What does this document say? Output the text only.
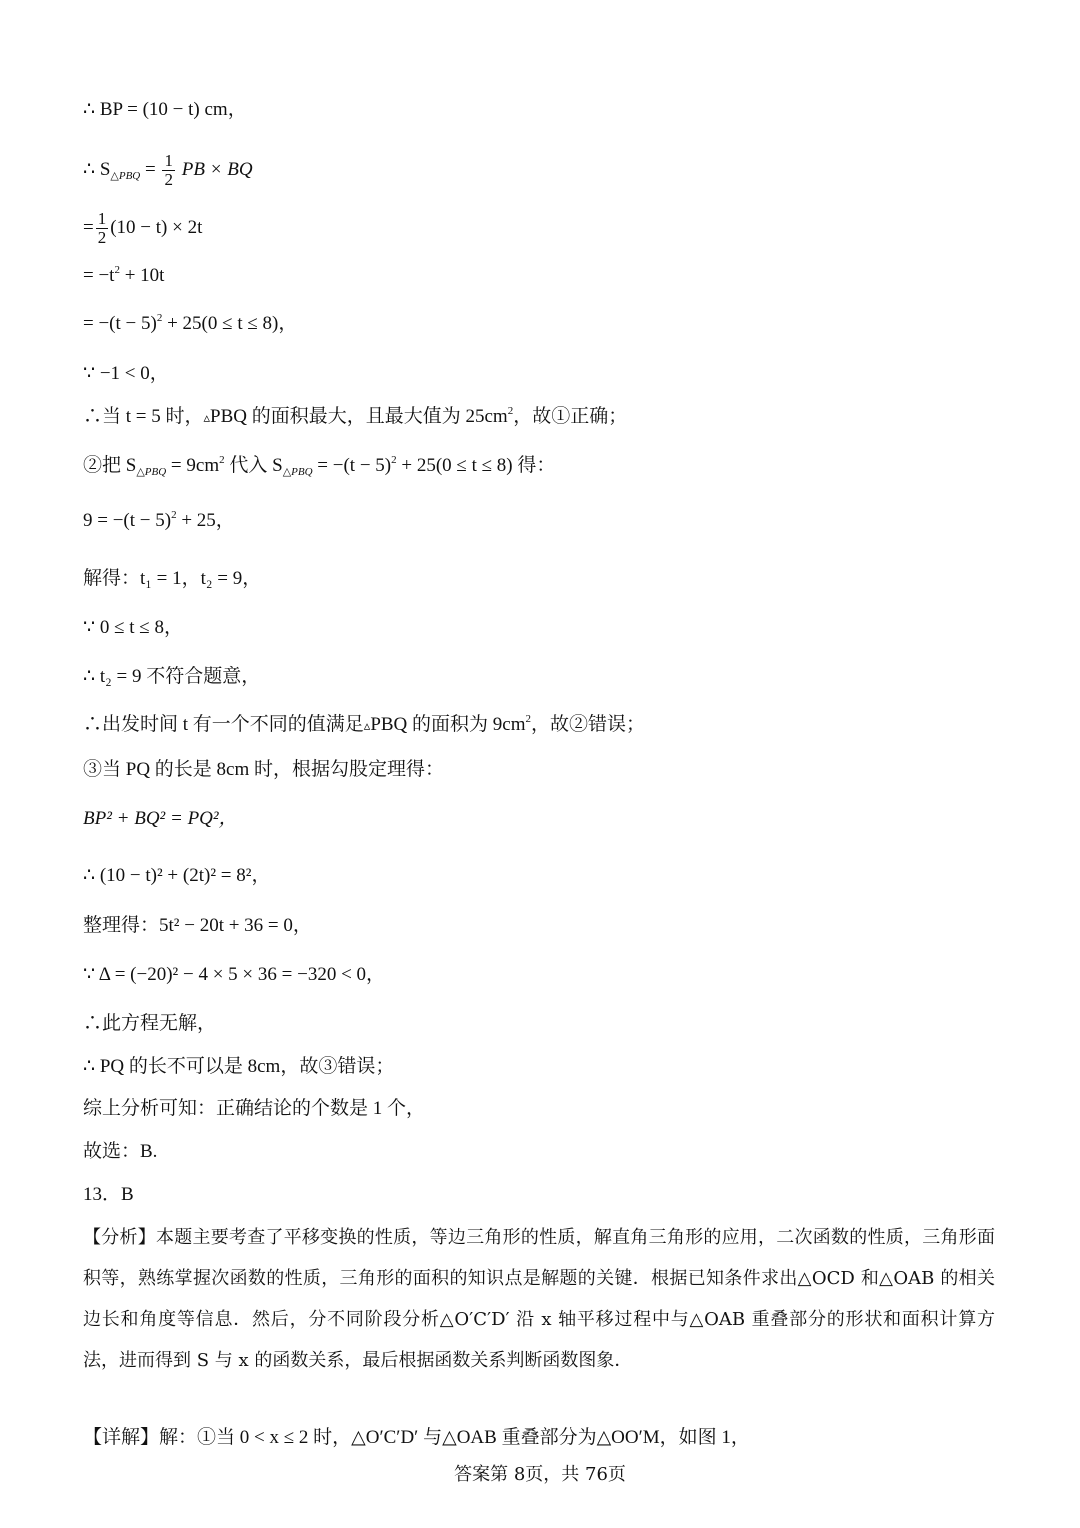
∴ BP = (10 − t) cm，
∴ $S_{\triangle PBQ} = \frac{1}{2}$ PB × BQ
= $\frac{1}{2} (10 - t) \times 2t$
= $-t^2 + 10t$
= $-(t - 5)^2 + 25(0 \le t \le 8)$，
∵ −1 < 0，
∴当 t = 5 时，▵PBQ 的面积最大，且最大值为 $25cm^2$，故①正确；
②把 $S_{\triangle PBQ} = 9cm^2$ 代入 $S_{\triangle PBQ} = -(t - 5)^2 + 25(0 \le t \le 8)$ 得：
$9 = -(t - 5)^2 + 25$，
解得：t₁ = 1，t₂ = 9，
∵ 0 ≤ t ≤ 8，
∴ t₂ = 9 不符合题意，
∴出发时间 t 有一个不同的值满足▵PBQ 的面积为 $9cm^2$，故②错误；
③当 PQ 的长是 8cm 时，根据勾股定理得：
BP² + BQ² = PQ²，
∴ (10 − t)² + (2t)² = 8²，
整理得：5t² − 20t + 36 = 0，
∵ Δ = (−20)² − 4 × 5 × 36 = −320 < 0，
∴此方程无解，
∴ PQ 的长不可以是 8cm，故③错误；
综上分析可知：正确结论的个数是 1 个，
故选：B.
13．B
【分析】本题主要考查了平移变换的性质，等边三角形的性质，解直角三角形的应用，二次函数的性质，三角形面积等，熟练掌握次函数的性质，三角形的面积的知识点是解题的关键．根据已知条件求出△OCD 和△OAB 的相关边长和角度等信息．然后，分不同阶段分析△O′C′D′ 沿 x 轴平移过程中与△OAB 重叠部分的形状和面积计算方法，进而得到 S 与 x 的函数关系，最后根据函数关系判断函数图象．
【详解】解：①当 0 < x ≤ 2 时，△O′C′D′ 与△OAB 重叠部分为△OO′M，如图 1，
答案第 8页，共 76页
